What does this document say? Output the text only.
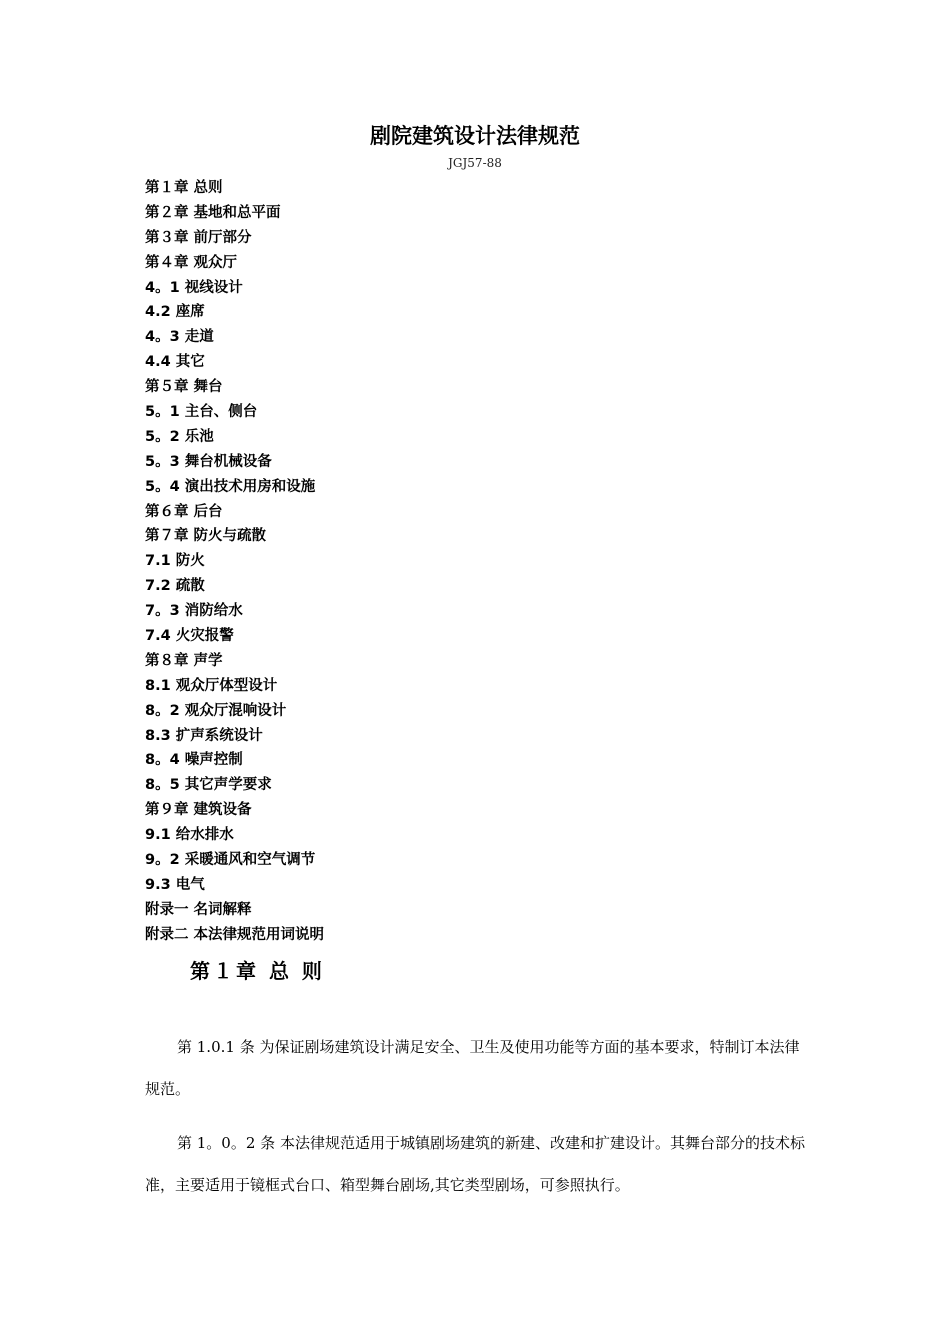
剧院建筑设计法律规范
JGJ57-88
第１章 总则
第２章 基地和总平面
第３章 前厅部分
第４章 观众厅
4。1 视线设计
4.2 座席
4。3 走道
4.4 其它
第５章 舞台
5。1 主台、侧台
5。2 乐池
5。3 舞台机械设备
5。4 演出技术用房和设施
第６章 后台
第７章 防火与疏散
7.1 防火
7.2 疏散
7。3 消防给水
7.4 火灾报警
第８章 声学
8.1 观众厅体型设计
8。2 观众厅混响设计
8.3 扩声系统设计
8。4 噪声控制
8。5 其它声学要求
第９章 建筑设备
9.1 给水排水
9。2 采暖通风和空气调节
9.3 电气
附录一 名词解释
附录二 本法律规范用词说明
第１章 总 则
第 1.0.1 条 为保证剧场建筑设计满足安全、卫生及使用功能等方面的基本要求，特制订本法律规范。
第 1。0。2 条 本法律规范适用于城镇剧场建筑的新建、改建和扩建设计。其舞台部分的技术标准，主要适用于镜框式台口、箱型舞台剧场,其它类型剧场，可参照执行。
